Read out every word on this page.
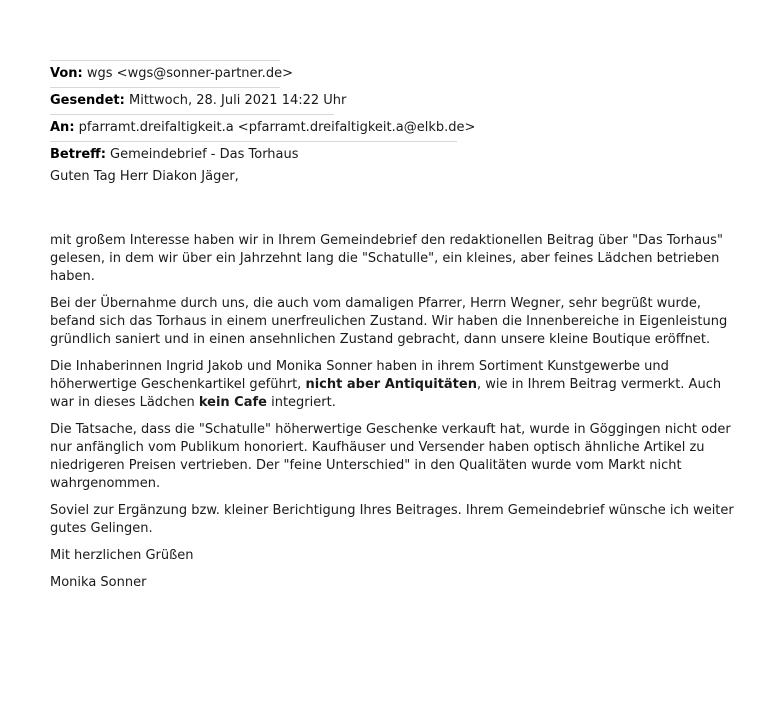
Von: wgs <wgs@sonner-partner.de>
Gesendet: Mittwoch, 28. Juli 2021 14:22 Uhr
An: pfarramt.dreifaltigkeit.a <pfarramt.dreifaltigkeit.a@elkb.de>
Betreff: Gemeindebrief - Das Torhaus

Guten Tag Herr Diakon Jäger,

mit großem Interesse haben wir in Ihrem Gemeindebrief den redaktionellen Beitrag über "Das Torhaus" gelesen, in dem wir über ein Jahrzehnt lang die "Schatulle", ein kleines, aber feines Lädchen betrieben haben.

Bei der Übernahme durch uns, die auch vom damaligen Pfarrer, Herrn Wegner, sehr begrüßt wurde, befand sich das Torhaus in einem unerfreulichen Zustand. Wir haben die Innenbereiche in Eigenleistung gründlich saniert und in einen ansehnlichen Zustand gebracht, dann unsere kleine Boutique eröffnet.

Die Inhaberinnen Ingrid Jakob und Monika Sonner haben in ihrem Sortiment Kunstgewerbe und höherwertige Geschenkartikel geführt, nicht aber Antiquitäten, wie in Ihrem Beitrag vermerkt. Auch war in dieses Lädchen kein Cafe integriert.

Die Tatsache, dass die "Schatulle" höherwertige Geschenke verkauft hat, wurde in Göggingen nicht oder nur anfänglich vom Publikum honoriert. Kaufhäuser und Versender haben optisch ähnliche Artikel zu niedrigeren Preisen vertrieben. Der "feine Unterschied" in den Qualitäten wurde vom Markt nicht wahrgenommen.

Soviel zur Ergänzung bzw. kleiner Berichtigung Ihres Beitrages. Ihrem Gemeindebrief wünsche ich weiter gutes Gelingen.

Mit herzlichen Grüßen

Monika Sonner
